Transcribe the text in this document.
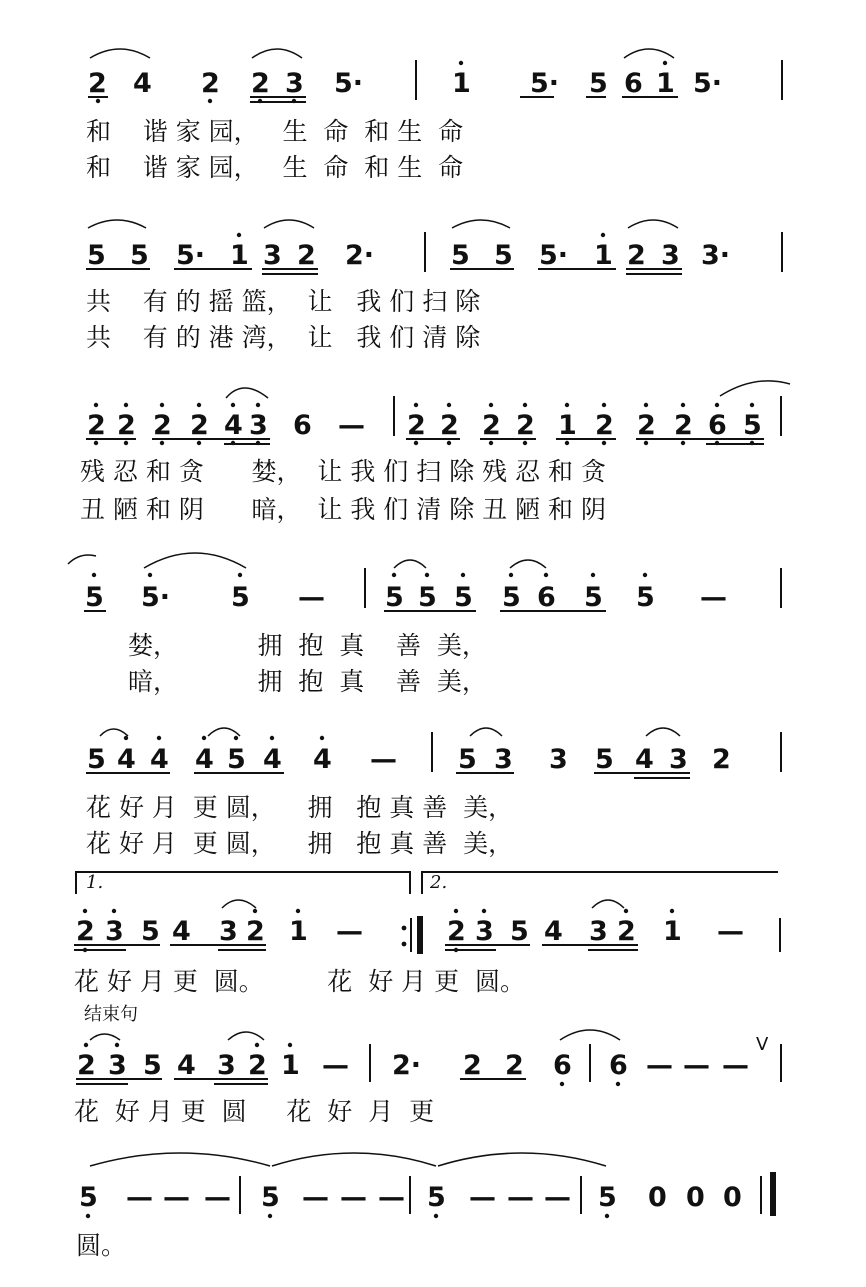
2 4 2 2 3 5·	1 5· 5 6 1 5·
和    谐 家 园，   生  命  和 生  命
和    谐 家 园，   生  命  和 生  命
5 5 5· 1 3 2 2·	5 5 5· 1 2 3 3·
共    有 的 摇 篮，  让   我 们 扫 除
共    有 的 港 湾，  让   我 们 清 除
2 2 2 2 4 3 6 — 2 2 2 2 1 2 2 2 6 5
残 忍 和 贪      婪，  让 我 们 扫 除 残 忍 和 贪
丑 陋 和 阴      暗，  让 我 们 清 除 丑 陋 和 阴
5 5· 5 — 5 5 5 5 6 5 5 —
婪，          拥  抱  真    善  美，
暗，          拥  抱  真    善  美，
5 4 4 4 5 4 4 — 5 3 3 5 4 3 2
花 好 月  更 圆，    拥   抱 真 善  美，
花 好 月  更 圆，    拥   抱 真 善  美，
1.	2.
2 3 5 4 3 2 1 —	2 3 5 4 3 2 1 —
花 好 月 更  圆。        花  好 月 更  圆。
结束句
2 3 5 4 3 2 1 — 2· 2 2 6 6 — — —
V
花  好 月 更  圆     花  好  月  更
5 — — — 5 — — — 5 — — — 5 0 0 0
圆。
